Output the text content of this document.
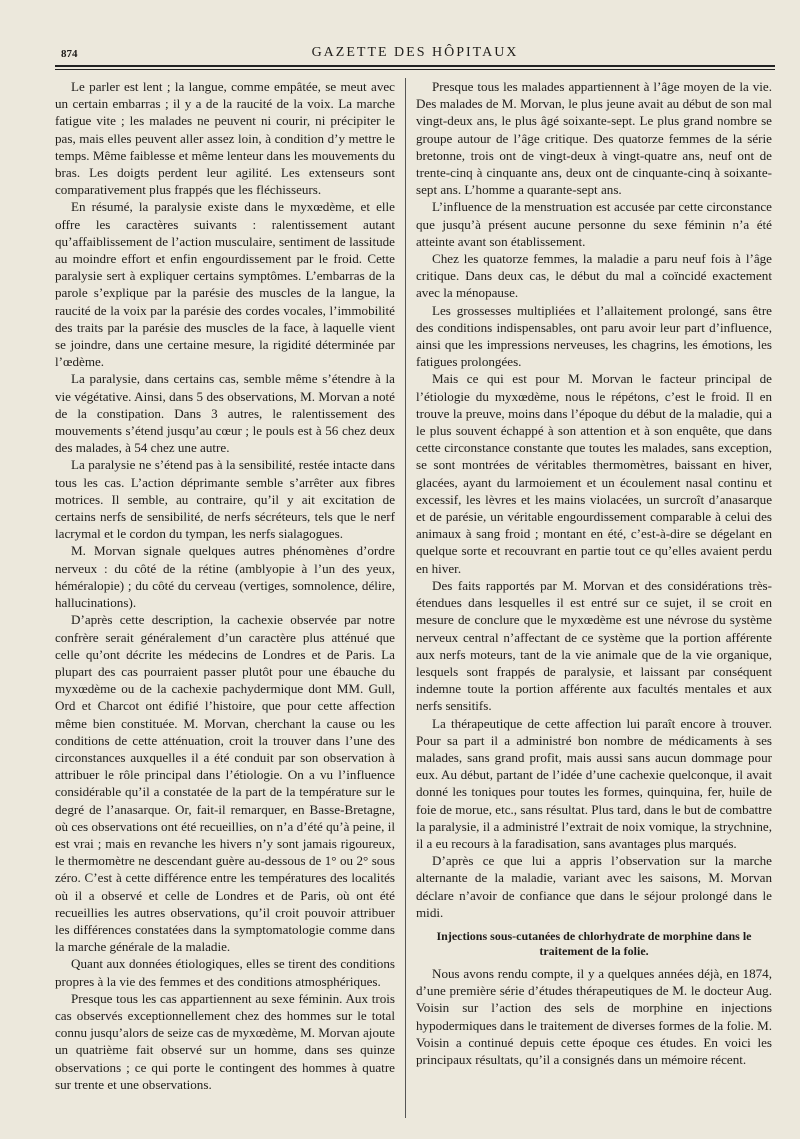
874	GAZETTE DES HÔPITAUX

Le parler est lent ; la langue, comme empâtée, se meut avec un certain embarras ; il y a de la raucité de la voix. La marche fatigue vite ; les malades ne peuvent ni courir, ni précipiter le pas, mais elles peuvent aller assez loin, à condition d’y mettre le temps. Même faiblesse et même lenteur dans les mouvements du bras. Les doigts perdent leur agilité. Les extenseurs sont comparativement plus frappés que les fléchisseurs.

En résumé, la paralysie existe dans le myxœdème, et elle offre les caractères suivants : ralentissement autant qu’affaiblissement de l’action musculaire, sentiment de lassitude au moindre effort et enfin engourdissement par le froid. Cette paralysie sert à expliquer certains symptômes. L’embarras de la parole s’explique par la parésie des muscles de la langue, la raucité de la voix par la parésie des cordes vocales, l’immobilité des traits par la parésie des muscles de la face, à laquelle vient se joindre, dans une certaine mesure, la rigidité déterminée par l’œdème.

La paralysie, dans certains cas, semble même s’étendre à la vie végétative. Ainsi, dans 5 des observations, M. Morvan a noté de la constipation. Dans 3 autres, le ralentissement des mouvements s’étend jusqu’au cœur ; le pouls est à 56 chez deux des malades, à 54 chez une autre.

La paralysie ne s’étend pas à la sensibilité, restée intacte dans tous les cas. L’action déprimante semble s’arrêter aux fibres motrices. Il semble, au contraire, qu’il y ait excitation de certains nerfs de sensibilité, de nerfs sécréteurs, tels que le nerf lacrymal et le cordon du tympan, les nerfs sialagogues.

M. Morvan signale quelques autres phénomènes d’ordre nerveux : du côté de la rétine (amblyopie à l’un des yeux, héméralopie) ; du côté du cerveau (vertiges, somnolence, délire, hallucinations).

D’après cette description, la cachexie observée par notre confrère serait généralement d’un caractère plus atténué que celle qu’ont décrite les médecins de Londres et de Paris. La plupart des cas pourraient passer plutôt pour une ébauche du myxœdème ou de la cachexie pachydermique dont MM. Gull, Ord et Charcot ont édifié l’histoire, que pour cette affection même bien constituée. M. Morvan, cherchant la cause ou les conditions de cette atténuation, croit la trouver dans l’une des circonstances auxquelles il a été conduit par son observation à attribuer le rôle principal dans l’étiologie. On a vu l’influence considérable qu’il a constatée de la part de la température sur le degré de l’anasarque. Or, fait-il remarquer, en Basse-Bretagne, où ces observations ont été recueillies, on n’a d’été qu’à peine, il est vrai ; mais en revanche les hivers n’y sont jamais rigoureux, le thermomètre ne descendant guère au-dessous de 1° ou 2° sous zéro. C’est à cette différence entre les températures des localités où il a observé et celle de Londres et de Paris, où ont été recueillies les autres observations, qu’il croit pouvoir attribuer les différences constatées dans la symptomatologie comme dans la marche générale de la maladie.

Quant aux données étiologiques, elles se tirent des conditions propres à la vie des femmes et des conditions atmosphériques.

Presque tous les cas appartiennent au sexe féminin. Aux trois cas observés exceptionnellement chez des hommes sur le total connu jusqu’alors de seize cas de myxœdème, M. Morvan ajoute un quatrième fait observé sur un homme, dans ses quinze observations ; ce qui porte le contingent des hommes à quatre sur trente et une observations.

Presque tous les malades appartiennent à l’âge moyen de la vie. Des malades de M. Morvan, le plus jeune avait au début de son mal vingt-deux ans, le plus âgé soixante-sept. Le plus grand nombre se groupe autour de l’âge critique. Des quatorze femmes de la série bretonne, trois ont de vingt-deux à vingt-quatre ans, neuf ont de trente-cinq à cinquante ans, deux ont de cinquante-cinq à soixante-sept ans. L’homme a quarante-sept ans.

L’influence de la menstruation est accusée par cette circonstance que jusqu’à présent aucune personne du sexe féminin n’a été atteinte avant son établissement.

Chez les quatorze femmes, la maladie a paru neuf fois à l’âge critique. Dans deux cas, le début du mal a coïncidé exactement avec la ménopause.

Les grossesses multipliées et l’allaitement prolongé, sans être des conditions indispensables, ont paru avoir leur part d’influence, ainsi que les impressions nerveuses, les chagrins, les émotions, les fatigues prolongées.

Mais ce qui est pour M. Morvan le facteur principal de l’étiologie du myxœdème, nous le répétons, c’est le froid. Il en trouve la preuve, moins dans l’époque du début de la maladie, qui a le plus souvent échappé à son attention et à son enquête, que dans cette circonstance constante que toutes les malades, sans exception, se sont montrées de véritables thermomètres, baissant en hiver, glacées, ayant du larmoiement et un écoulement nasal continu et excessif, les lèvres et les mains violacées, un surcroît d’anasarque et de parésie, un véritable engourdissement comparable à celui des animaux à sang froid ; montant en été, c’est-à-dire se dégelant en quelque sorte et recouvrant en partie tout ce qu’elles avaient perdu en hiver.

Des faits rapportés par M. Morvan et des considérations très-étendues dans lesquelles il est entré sur ce sujet, il se croit en mesure de conclure que le myxœdème est une névrose du système nerveux central n’affectant de ce système que la portion afférente aux nerfs moteurs, tant de la vie animale que de la vie organique, lesquels sont frappés de paralysie, et laissant par conséquent indemne toute la portion afférente aux facultés mentales et aux nerfs sensitifs.

La thérapeutique de cette affection lui paraît encore à trouver. Pour sa part il a administré bon nombre de médicaments à ses malades, sans grand profit, mais aussi sans aucun dommage pour eux. Au début, partant de l’idée d’une cachexie quelconque, il avait donné les toniques pour toutes les formes, quinquina, fer, huile de foie de morue, etc., sans résultat. Plus tard, dans le but de combattre la paralysie, il a administré l’extrait de noix vomique, la strychnine, il a eu recours à la faradisation, sans avantages plus marqués.

D’après ce que lui a appris l’observation sur la marche alternante de la maladie, variant avec les saisons, M. Morvan déclare n’avoir de confiance que dans le séjour prolongé dans le midi.

Injections sous-cutanées de chlorhydrate de morphine dans le traitement de la folie.

Nous avons rendu compte, il y a quelques années déjà, en 1874, d’une première série d’études thérapeutiques de M. le docteur Aug. Voisin sur l’action des sels de morphine en injections hypodermiques dans le traitement de diverses formes de la folie. M. Voisin a continué depuis cette époque ces études. En voici les principaux résultats, qu’il a consignés dans un mémoire récent.
